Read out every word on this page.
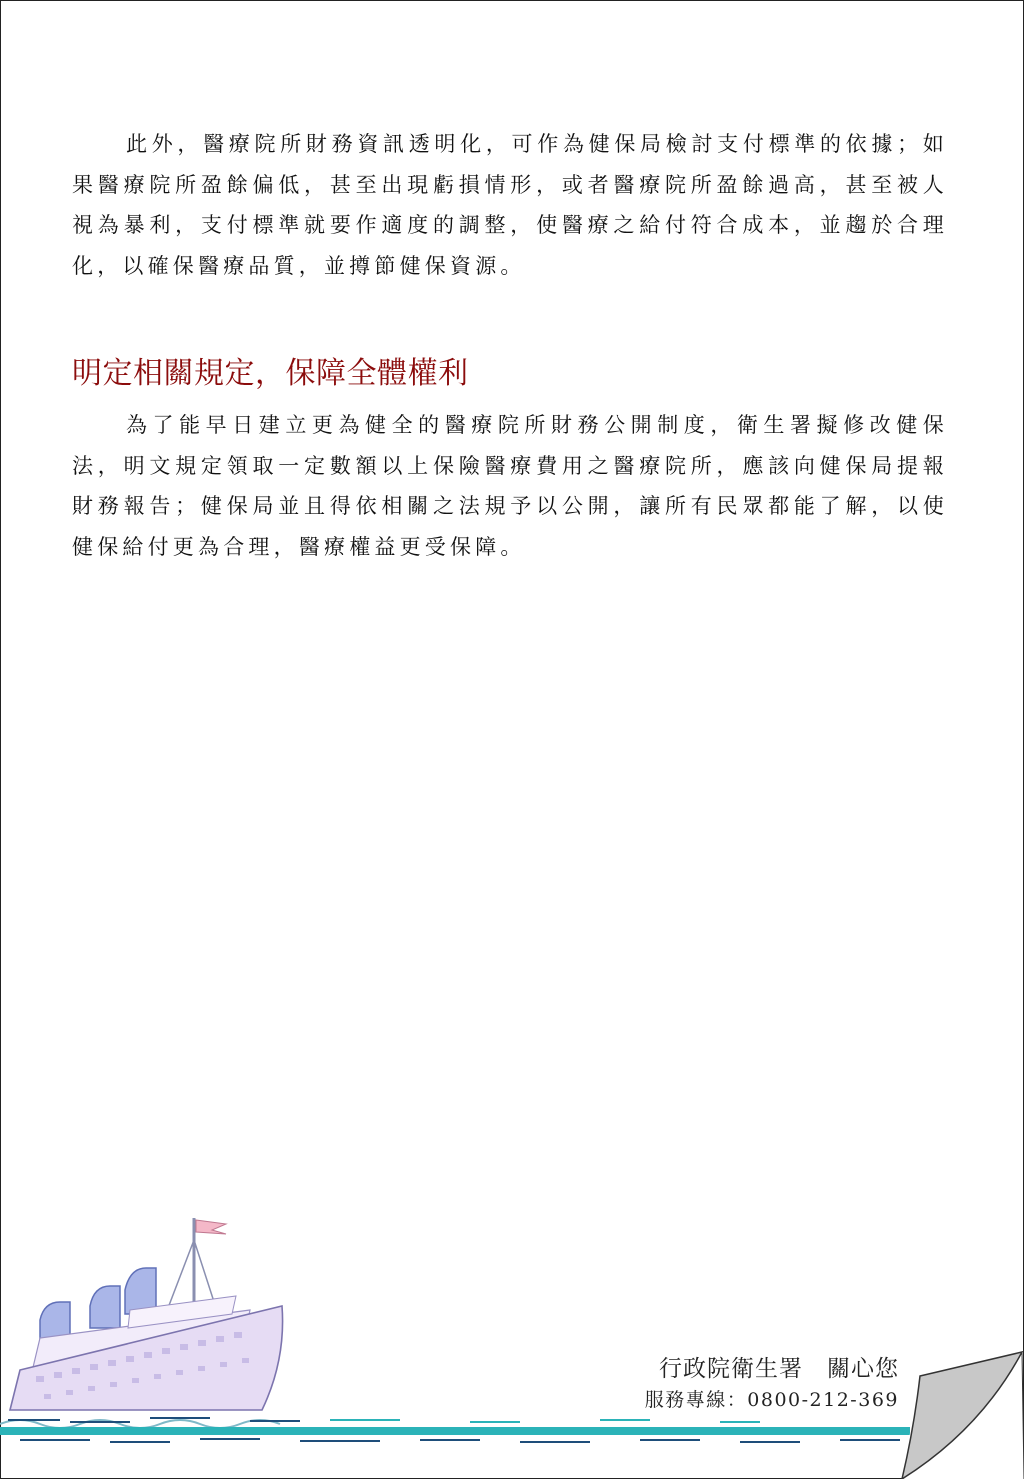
此外，醫療院所財務資訊透明化，可作為健保局檢討支付標準的依據；如果醫療院所盈餘偏低，甚至出現虧損情形，或者醫療院所盈餘過高，甚至被人視為暴利，支付標準就要作適度的調整，使醫療之給付符合成本，並趨於合理化，以確保醫療品質，並撙節健保資源。

明定相關規定，保障全體權利

為了能早日建立更為健全的醫療院所財務公開制度，衛生署擬修改健保法，明文規定領取一定數額以上保險醫療費用之醫療院所，應該向健保局提報財務報告；健保局並且得依相關之法規予以公開，讓所有民眾都能了解，以使健保給付更為合理，醫療權益更受保障。

行政院衛生署　關心您
服務專線：0800-212-369
